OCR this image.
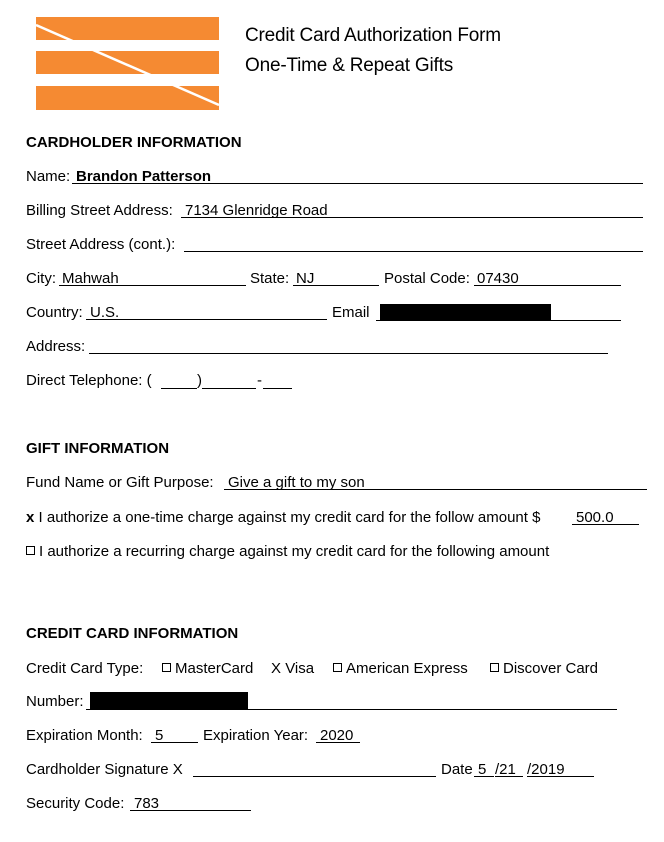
Credit Card Authorization Form
One-Time & Repeat Gifts
CARDHOLDER INFORMATION
Name: Brandon Patterson
Billing Street Address: 7134 Glenridge Road
Street Address (cont.):
City: Mahwah	State: NJ	Postal Code: 07430
Country: U.S.	Email
Address:
Direct Telephone: (	)	-
GIFT INFORMATION
Fund Name or Gift Purpose: Give a gift to my son
x I authorize a one-time charge against my credit card for the follow amount $ 500.0
I authorize a recurring charge against my credit card for the following amount
CREDIT CARD INFORMATION
Credit Card Type:	MasterCard X Visa	American Express	Discover Card
Number:
Expiration Month: 5	Expiration Year: 2020
Cardholder Signature X	Date 5 /21 /2019
Security Code: 783
